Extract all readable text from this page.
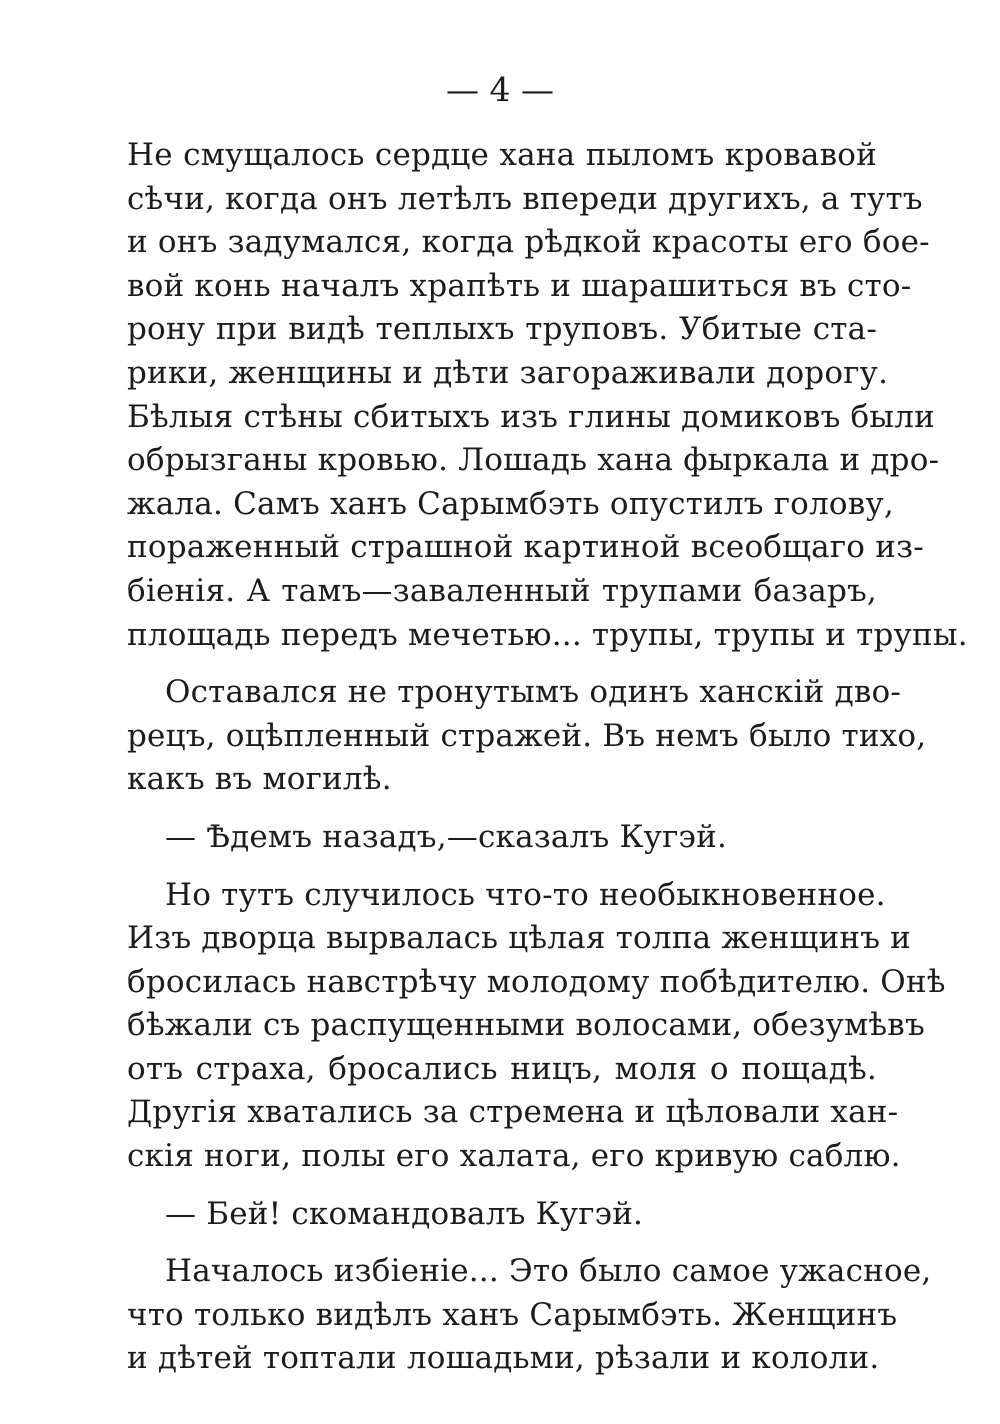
— 4 —
Не смущалось сердце хана пыломъ кровавой
сѣчи, когда онъ летѣлъ впереди другихъ, а тутъ
и онъ задумался, когда рѣдкой красоты его бое-
вой конь началъ храпѣть и шарашиться въ сто-
рону при видѣ теплыхъ труповъ. Убитые ста-
рики, женщины и дѣти загораживали дорогу.
Бѣлыя стѣны сбитыхъ изъ глины домиковъ были
обрызганы кровью. Лошадь хана фыркала и дро-
жала. Самъ ханъ Сарымбэть опустилъ голову,
пораженный страшной картиной всеобщаго из-
біенія. А тамъ—заваленный трупами базаръ,
площадь передъ мечетью... трупы, трупы и трупы.
Оставался не тронутымъ одинъ ханскій дво-
рецъ, оцѣпленный стражей. Въ немъ было тихо,
какъ въ могилѣ.
— Ѣдемъ назадъ,—сказалъ Кугэй.
Но тутъ случилось что-то необыкновенное.
Изъ дворца вырвалась цѣлая толпа женщинъ и
бросилась навстрѣчу молодому побѣдителю. Онѣ
бѣжали съ распущенными волосами, обезумѣвъ
отъ страха, бросались ницъ, моля о пощадѣ.
Другія хватались за стремена и цѣловали хан-
скія ноги, полы его халата, его кривую саблю.
— Бей! скомандовалъ Кугэй.
Началось избіеніе... Это было самое ужасное,
что только видѣлъ ханъ Сарымбэть. Женщинъ
и дѣтей топтали лошадьми, рѣзали и кололи.
